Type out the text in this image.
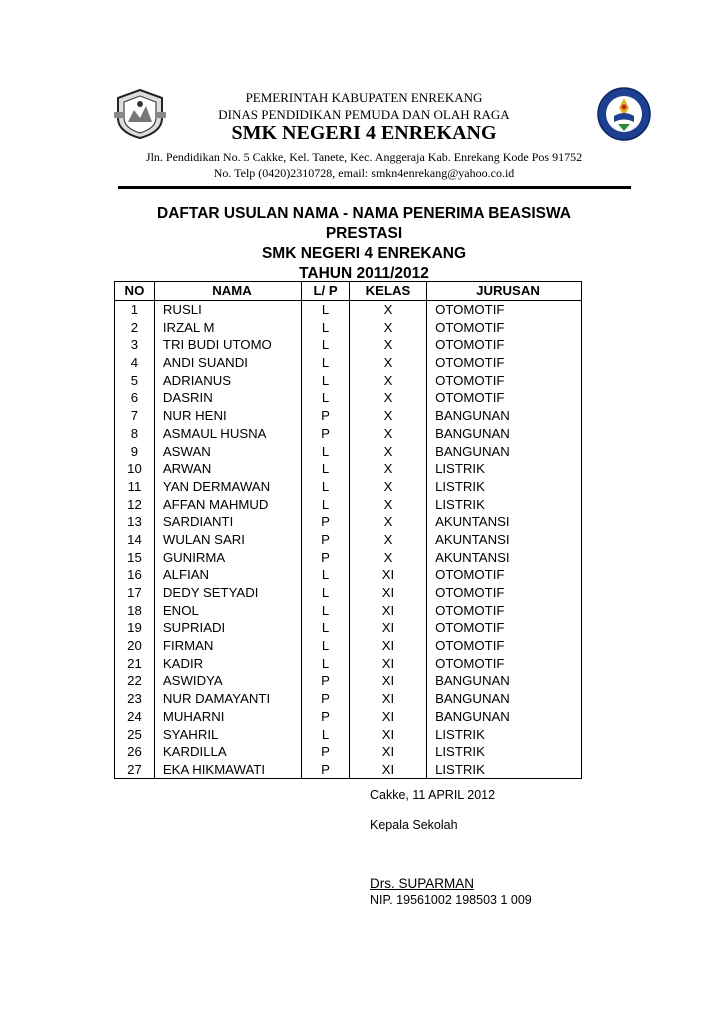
PEMERINTAH KABUPATEN ENREKANG
DINAS PENDIDIKAN PEMUDA DAN OLAH RAGA
SMK NEGERI 4 ENREKANG
Jln. Pendidikan No. 5 Cakke, Kel. Tanete, Kec. Anggeraja Kab. Enrekang Kode Pos 91752
No. Telp (0420)2310728, email: smkn4enrekang@yahoo.co.id
DAFTAR USULAN NAMA - NAMA PENERIMA BEASISWA
PRESTASI
SMK NEGERI 4 ENREKANG
TAHUN 2011/2012
NO	NAMA	L/ P	KELAS	JURUSAN
1	RUSLI	L	X	OTOMOTIF
2	IRZAL M	L	X	OTOMOTIF
3	TRI BUDI UTOMO	L	X	OTOMOTIF
4	ANDI SUANDI	L	X	OTOMOTIF
5	ADRIANUS	L	X	OTOMOTIF
6	DASRIN	L	X	OTOMOTIF
7	NUR HENI	P	X	BANGUNAN
8	ASMAUL HUSNA	P	X	BANGUNAN
9	ASWAN	L	X	BANGUNAN
10	ARWAN	L	X	LISTRIK
11	YAN DERMAWAN	L	X	LISTRIK
12	AFFAN MAHMUD	L	X	LISTRIK
13	SARDIANTI	P	X	AKUNTANSI
14	WULAN SARI	P	X	AKUNTANSI
15	GUNIRMA	P	X	AKUNTANSI
16	ALFIAN	L	XI	OTOMOTIF
17	DEDY SETYADI	L	XI	OTOMOTIF
18	ENOL	L	XI	OTOMOTIF
19	SUPRIADI	L	XI	OTOMOTIF
20	FIRMAN	L	XI	OTOMOTIF
21	KADIR	L	XI	OTOMOTIF
22	ASWIDYA	P	XI	BANGUNAN
23	NUR DAMAYANTI	P	XI	BANGUNAN
24	MUHARNI	P	XI	BANGUNAN
25	SYAHRIL	L	XI	LISTRIK
26	KARDILLA	P	XI	LISTRIK
27	EKA HIKMAWATI	P	XI	LISTRIK
Cakke, 11 APRIL 2012
Kepala Sekolah
Drs. SUPARMAN
NIP. 19561002 198503 1 009
